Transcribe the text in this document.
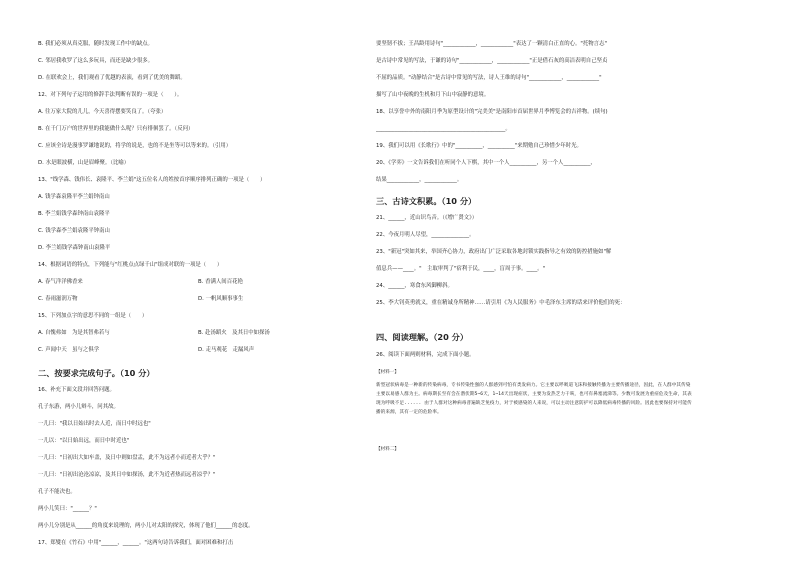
B. 我们必须从真克服，随时发现工作中的缺点。
C. 邻居我收罗了这么多玩具，而还是缺少很多。
D. 在联欢会上，我们观看了优越的表演，看到了优美的舞蹈。
12、对下列句子运用的修辞手法判断有误的一项是（　　）。
A. 往万家大院的儿儿，今天喜得摆要笑良了。（夸张）
B. 在千门万户的世界里的我能做什么呢？只有徘徊罢了。（反问）
C. 应该全诗是漫事罗谦地说的，将学的说是，也的不是坐等可以等来的。（引用）
D. 水是眼波横，山是眉峰聚。（比喻）
13、"线学森、钱伟长、袁隆平、李兰娟"这五位名人的姓按首序顺序排列正确的一项是（　　）
A. 钱学森袁隆平李兰娟钟南山
B. 李兰娟钱学森钟南山袁隆平
C. 钱学森李兰娟袁隆平钟南山
D. 李兰娟钱学森钟南山袁隆平
14、根据词语的特点，下列能与"红桃点点绿千山"组成对联的一项是（　　）
A. 春气洋洋佛香来	B. 香满人间百花艳
C. 春雨滋润万物	D. 一帆风顺事事生
15、下列加点字的意思不同的一组是（　　）
A. 自愧弗如　为是其智弗若与	B. 赴汤蹈火　及其日中如探汤
C. 声闻中天　虽与之俱学	D. 走马观花　走漏风声
二、按要求完成句子。（10 分）
16、补充下面文段并回答问题。
孔子东游，两小儿辩斗，问其故。
一儿曰："我以日始出时去人近，而日中时远也"
一儿以："以日始出远，而日中时近也"
一儿曰："日初出大如车盖，及日中则如盘盂，此不为远者小而近者大乎？"
一儿曰："日初出沧沧凉凉，及其日中如探汤，此不为近者热而远者凉乎？"
孔子不能决也。
两小儿笑曰："______？"
两小儿分别是从______的角度来说理的，两小儿对太阳的探究，体现了他们______的态度。
17、郑燮在《竹石》中用"______，______。"这两句诗告诉我们，面对困难和打击
要坚韧不拔；王昌龄用诗句"____________，____________"表达了一颗清白正直的心。"托物言志"
是古诗中常见的写法，于谦的诗句"____________，____________"正是借石灰的高洁表明自己坚贞
不屈的品质。"动静结合"是古诗中常见的写法，诗人王维的诗句"____________，____________"
描写了山中夜晚的生机和月下山中寂静的意境。
18、以享誉中外的南阳月季为原型设计的"完美美"是南阳市首届世界月季博览会的吉祥物。(续句)
________________________________________________。
19、我们可以用《长歌行》中的"__________，__________"来期勉自己珍惜少年时光。
20、《学弈》一文告诉我们在听同个人下棋，其中一个人__________，另一个人__________，
结果____________，____________。
三、古诗文积累。（10 分）
21、______，近山识鸟音。（《增广贤文》）
22、今夜月明人尽望，______________。
23、"新冠"突如其来，举国齐心协力，政府出门广泛采取各地封锁实践指导之有效的防控措施如"解
值息兵——____。"　主取审判了"宿利于民，____，盲周于事。____。"
24、______，寒食东风御柳斜。
25、李大钊英勇就义，重在精诚身所精神……请引用《为人民服务》中毛泽东主席的话来评价他们的死：
四、阅读理解。（20 分）
26、阅读下面两则材料，完成下面小题。
【材料一】
新型冠状病毒是一种新的传染病毒，专书传染性强的人群感到可怕有类发病力。它主要以呼吸道飞沫和接触传播为主要传播途径，因此，在人群中其传染主要以易感人群为主。病毒期长至有会在潜伏期5~6天，1~14天出现症状，主要为发热乏力干咳，也可有鼻塞流涕等。少数可发展为重症危及生命，其表现为呼吸不足...... 由于人群对这种病毒普遍缺乏免疫力，对于被感染的人来说，可以主动注意防护可以降低病毒传播的风险。因此也要保持对可能传播的来源，其有一定的危险率。
【材料二】
